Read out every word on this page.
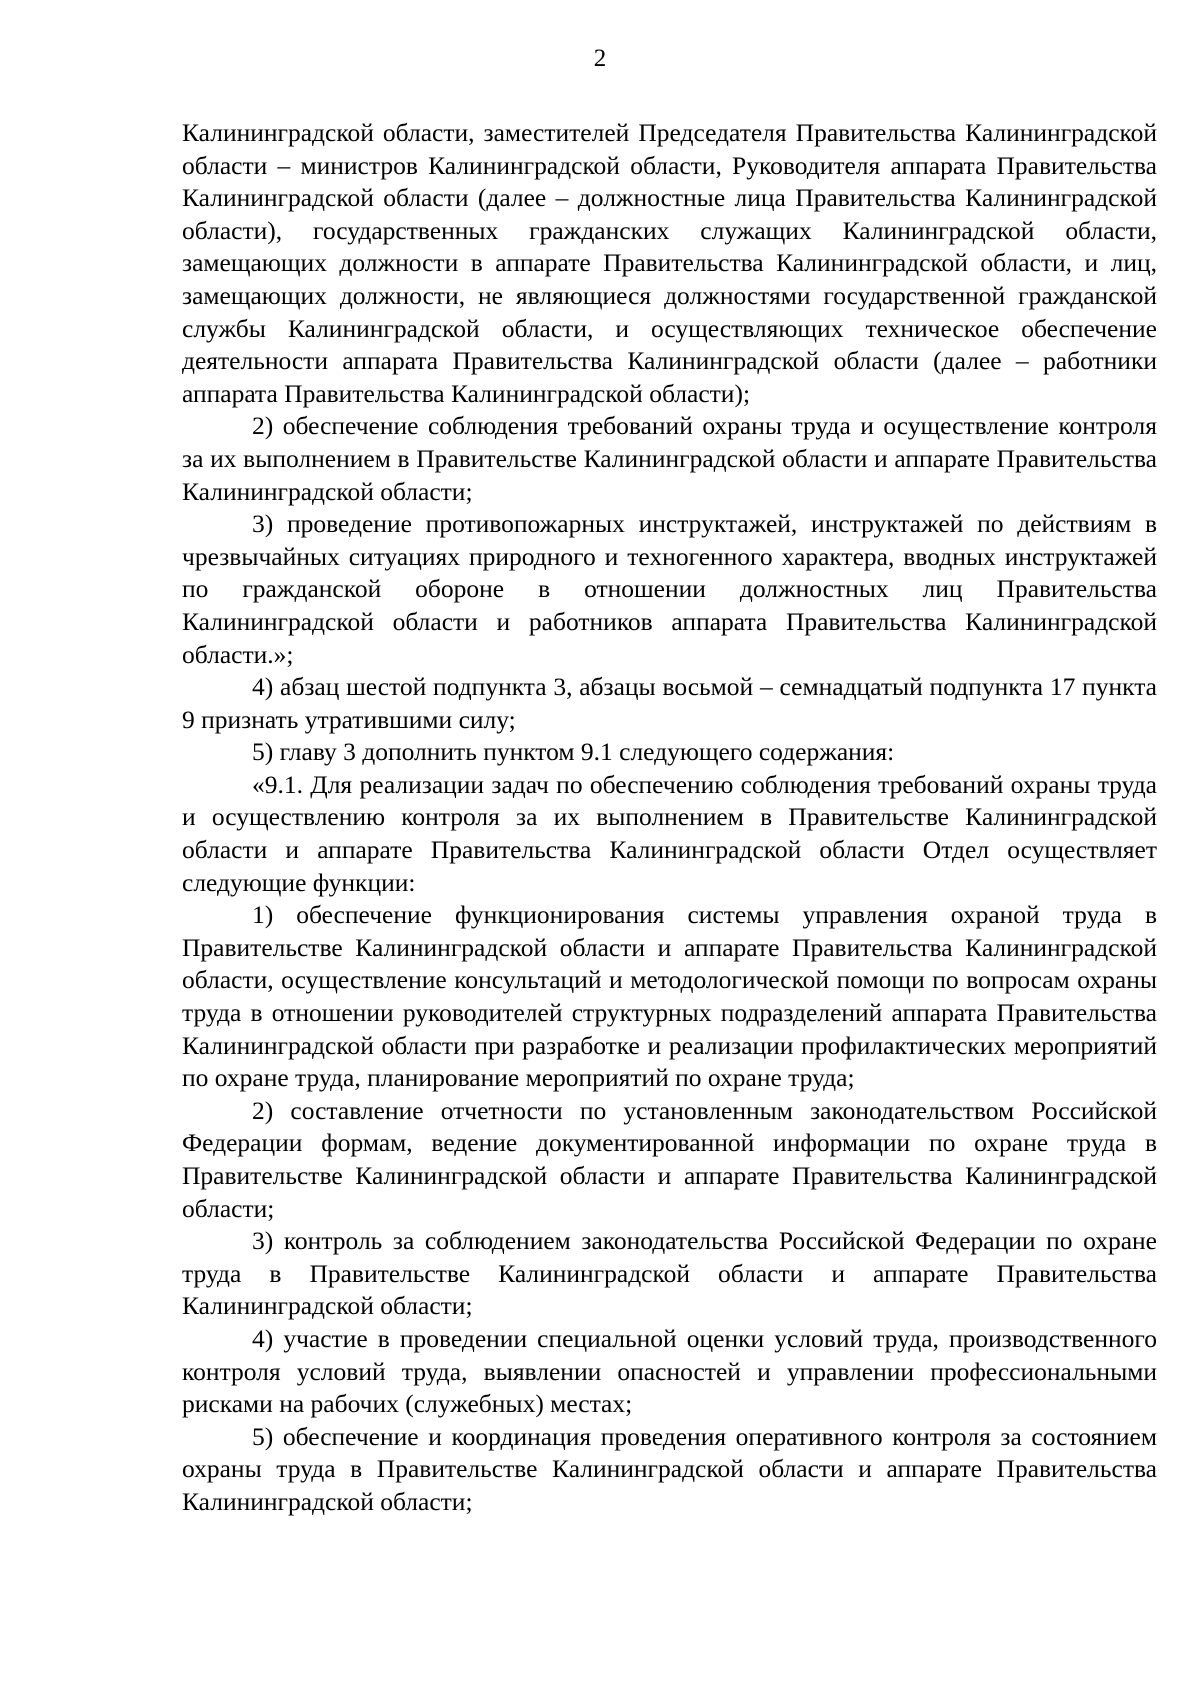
2

Калининградской области, заместителей Председателя Правительства Калининградской области – министров Калининградской области, Руководителя аппарата Правительства Калининградской области (далее – должностные лица Правительства Калининградской области), государственных гражданских служащих Калининградской области, замещающих должности в аппарате Правительства Калининградской области, и лиц, замещающих должности, не являющиеся должностями государственной гражданской службы Калининградской области, и осуществляющих техническое обеспечение деятельности аппарата Правительства Калининградской области (далее – работники аппарата Правительства Калининградской области);

2) обеспечение соблюдения требований охраны труда и осуществление контроля за их выполнением в Правительстве Калининградской области и аппарате Правительства Калининградской области;

3) проведение противопожарных инструктажей, инструктажей по действиям в чрезвычайных ситуациях природного и техногенного характера, вводных инструктажей по гражданской обороне в отношении должностных лиц Правительства Калининградской области и работников аппарата Правительства Калининградской области.»;

4) абзац шестой подпункта 3, абзацы восьмой – семнадцатый подпункта 17 пункта 9 признать утратившими силу;

5) главу 3 дополнить пунктом 9.1 следующего содержания:

«9.1. Для реализации задач по обеспечению соблюдения требований охраны труда и осуществлению контроля за их выполнением в Правительстве Калининградской области и аппарате Правительства Калининградской области Отдел осуществляет следующие функции:

1) обеспечение функционирования системы управления охраной труда в Правительстве Калининградской области и аппарате Правительства Калининградской области, осуществление консультаций и методологической помощи по вопросам охраны труда в отношении руководителей структурных подразделений аппарата Правительства Калининградской области при разработке и реализации профилактических мероприятий по охране труда, планирование мероприятий по охране труда;

2) составление отчетности по установленным законодательством Российской Федерации формам, ведение документированной информации по охране труда в Правительстве Калининградской области и аппарате Правительства Калининградской области;

3) контроль за соблюдением законодательства Российской Федерации по охране труда в Правительстве Калининградской области и аппарате Правительства Калининградской области;

4) участие в проведении специальной оценки условий труда, производственного контроля условий труда, выявлении опасностей и управлении профессиональными рисками на рабочих (служебных) местах;

5) обеспечение и координация проведения оперативного контроля за состоянием охраны труда в Правительстве Калининградской области и аппарате Правительства Калининградской области;
